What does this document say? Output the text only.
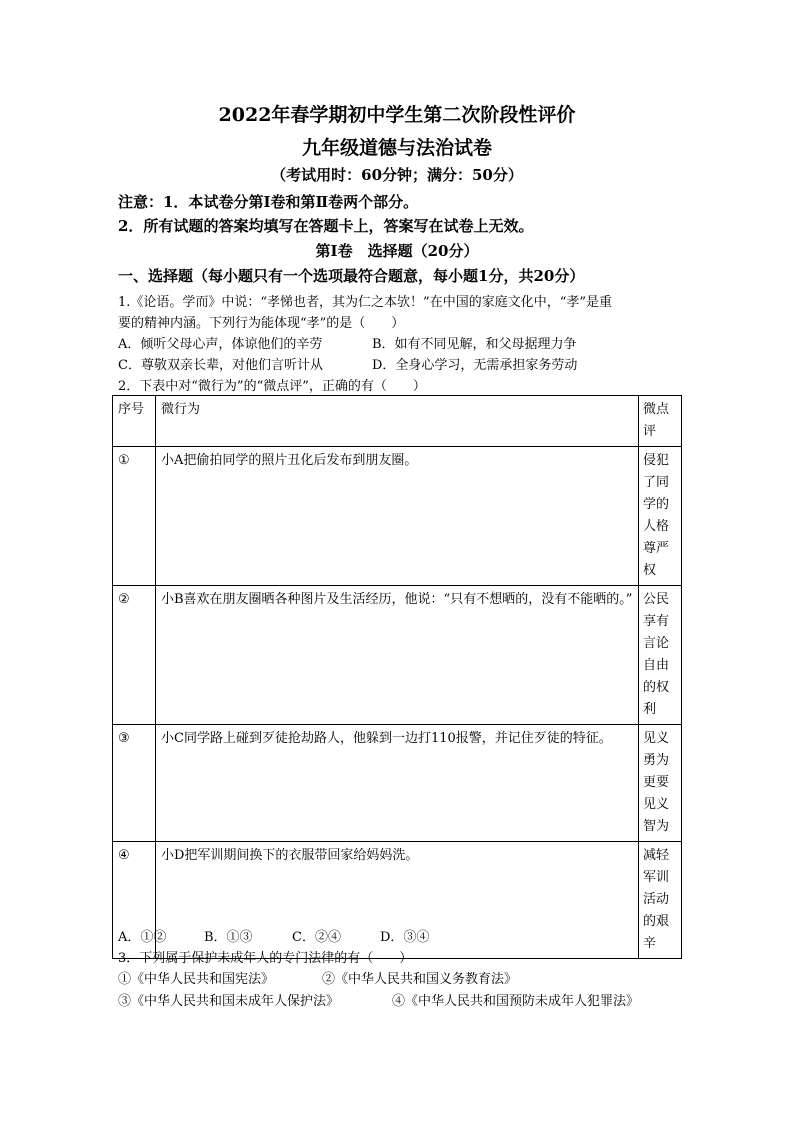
2022年春学期初中学生第二次阶段性评价
九年级道德与法治试卷
（考试用时：60分钟；满分：50分）
注意：1．本试卷分第Ⅰ卷和第Ⅱ卷两个部分。
2．所有试题的答案均填写在答题卡上，答案写在试卷上无效。
第Ⅰ卷　选择题（20分）
一、选择题（每小题只有一个选项最符合题意，每小题1分，共20分）
1.《论语。学而》中说：“孝悌也者，其为仁之本欤！”在中国的家庭文化中，“孝”是重
要的精神内涵。下列行为能体现“孝”的是（　　）
A．倾听父母心声，体谅他们的辛劳	B．如有不同见解，和父母据理力争
C．尊敬双亲长辈，对他们言听计从	D．全身心学习，无需承担家务劳动
2．下表中对“微行为”的“微点评”，正确的有（　　）
序号	微行为	微点评
①	小A把偷拍同学的照片丑化后发布到朋友圈。	侵犯了同学的人格尊严权
②	小B喜欢在朋友圈晒各种图片及生活经历，他说：“只有不想晒的，没有不能晒的。”	公民享有言论自由的权利
③	小C同学路上碰到歹徒抢劫路人，他躲到一边打110报警，并记住歹徒的特征。	见义勇为更要见义智为
④	小D把军训期间换下的衣服带回家给妈妈洗。	减轻军训活动的艰辛
A．①②	B．①③	C．②④	D．③④
3．下列属于保护未成年人的专门法律的有（　　）
①《中华人民共和国宪法》	②《中华人民共和国义务教育法》
③《中华人民共和国未成年人保护法》	④《中华人民共和国预防未成年人犯罪法》
